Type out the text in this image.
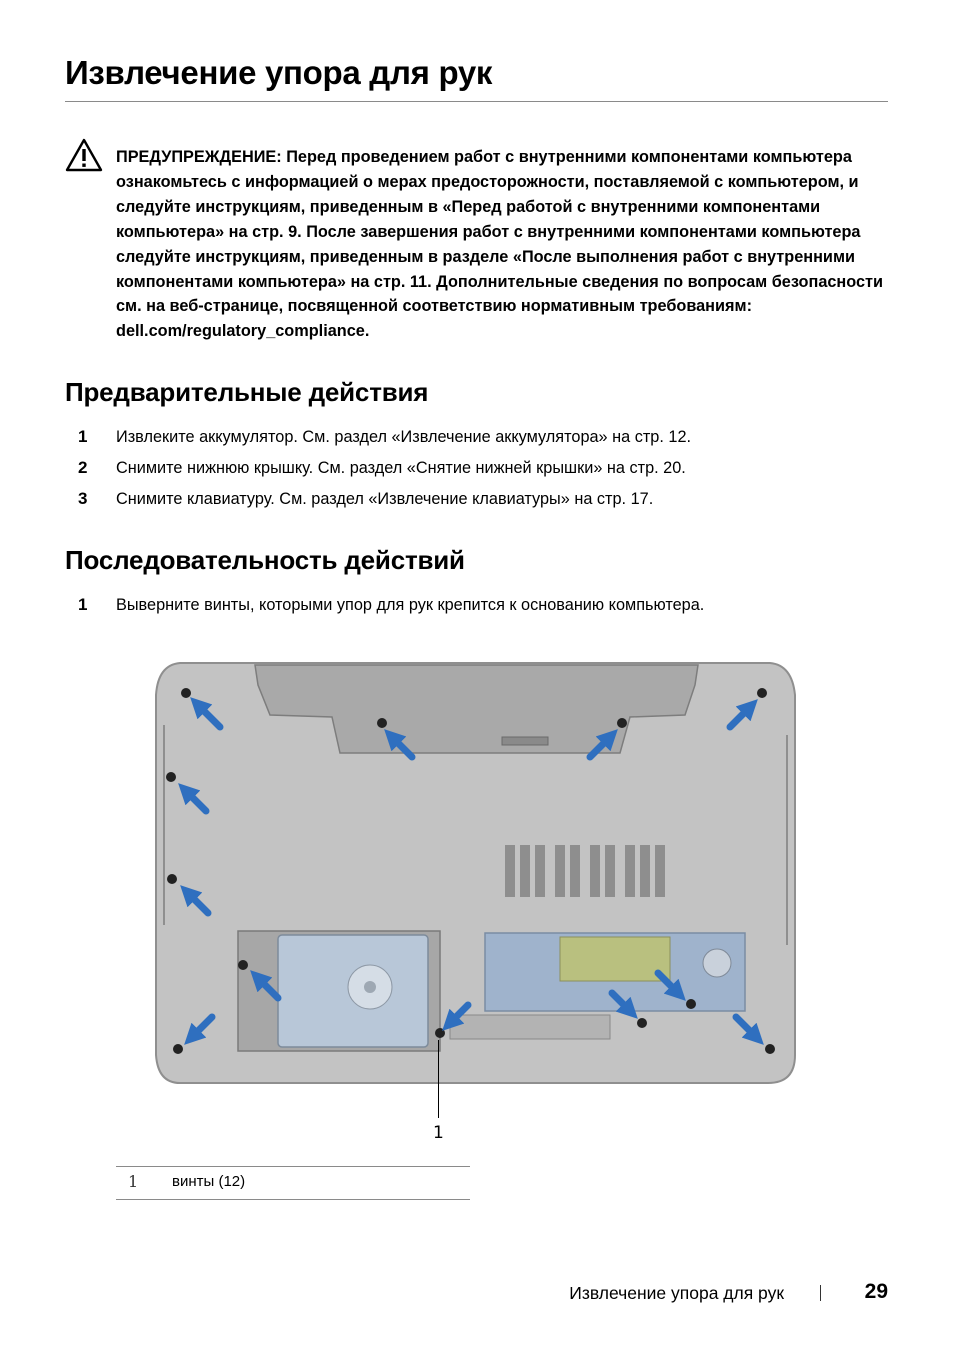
Извлечение упора для рук

ПРЕДУПРЕЖДЕНИЕ: Перед проведением работ с внутренними компонентами компьютера ознакомьтесь с информацией о мерах предосторожности, поставляемой с компьютером, и следуйте инструкциям, приведенным в «Перед работой с внутренними компонентами компьютера» на стр. 9. После завершения работ с внутренними компонентами компьютера следуйте инструкциям, приведенным в разделе «После выполнения работ с внутренними компонентами компьютера» на стр. 11. Дополнительные сведения по вопросам безопасности см. на веб-странице, посвященной соответствию нормативным требованиям: dell.com/regulatory_compliance.

Предварительные действия
1 Извлеките аккумулятор. См. раздел «Извлечение аккумулятора» на стр. 12.
2 Снимите нижнюю крышку. См. раздел «Снятие нижней крышки» на стр. 20.
3 Снимите клавиатуру. См. раздел «Извлечение клавиатуры» на стр. 17.
Последовательность действий
1 Выверните винты, которыми упор для рук крепится к основанию компьютера.
1
1 винты (12)
Извлечение упора для рук	29
